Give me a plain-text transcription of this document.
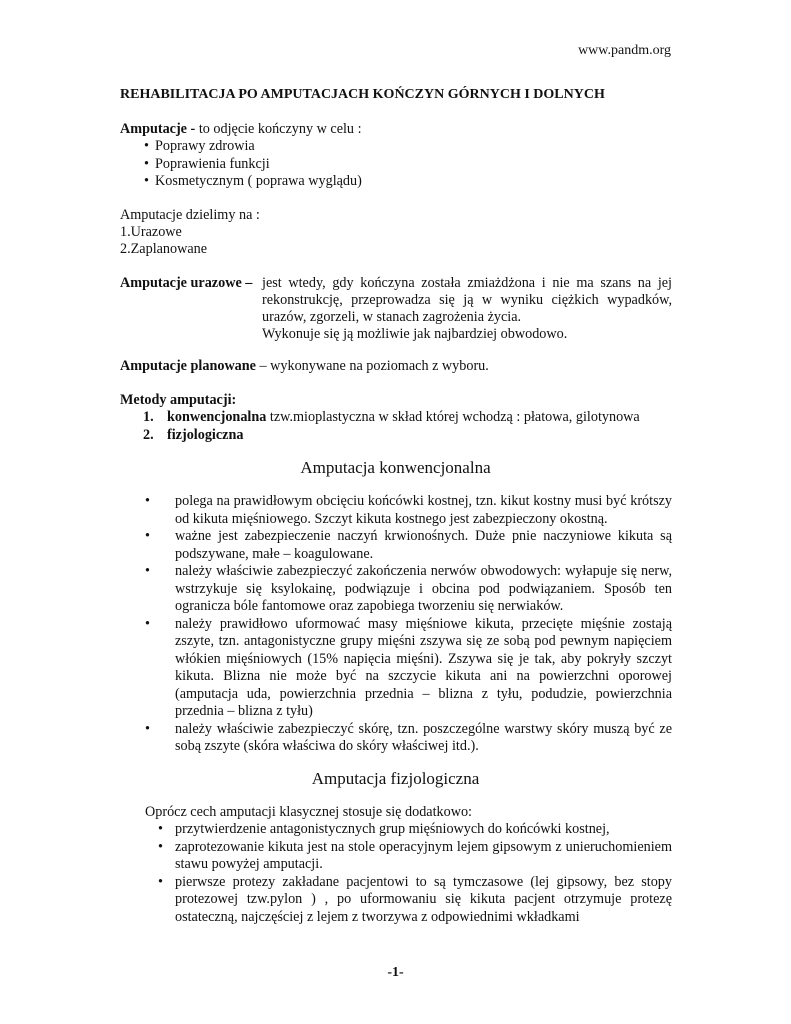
www.pandm.org
REHABILITACJA PO AMPUTACJACH KOŃCZYN GÓRNYCH I DOLNYCH
Amputacje - to odjęcie kończyny w celu :
• Poprawy zdrowia
• Poprawienia funkcji
• Kosmetycznym ( poprawa wyglądu)
Amputacje dzielimy na :
1.Urazowe
2.Zaplanowane
Amputacje urazowe – jest wtedy, gdy kończyna została zmiażdżona i nie ma szans na jej
rekonstrukcję, przeprowadza się ją w wyniku ciężkich wypadków,
urazów, zgorzeli, w stanach zagrożenia życia.
Wykonuje się ją możliwie jak najbardziej obwodowo.
Amputacje planowane – wykonywane na poziomach z wyboru.
Metody amputacji:
1. konwencjonalna tzw.mioplastyczna w skład której wchodzą : płatowa, gilotynowa
2. fizjologiczna
Amputacja konwencjonalna
• polega na prawidłowym obcięciu końcówki kostnej, tzn. kikut kostny musi być krótszy od kikuta mięśniowego. Szczyt kikuta kostnego jest zabezpieczony okostną.
• ważne jest zabezpieczenie naczyń krwionośnych. Duże pnie naczyniowe kikuta są podszywane, małe – koagulowane.
• należy właściwie zabezpieczyć zakończenia nerwów obwodowych: wyłapuje się nerw, wstrzykuje się ksylokainę, podwiązuje i obcina pod podwiązaniem. Sposób ten ogranicza bóle fantomowe oraz zapobiega tworzeniu się nerwiaków.
• należy prawidłowo uformować masy mięśniowe kikuta, przecięte mięśnie zostają zszyte, tzn. antagonistyczne grupy mięśni zszywa się ze sobą pod pewnym napięciem włókien mięśniowych (15% napięcia mięśni). Zszywa się je tak, aby pokryły szczyt kikuta. Blizna nie może być na szczycie kikuta ani na powierzchni oporowej (amputacja uda, powierzchnia przednia – blizna z tyłu, podudzie, powierzchnia przednia – blizna z tyłu)
• należy właściwie zabezpieczyć skórę, tzn. poszczególne warstwy skóry muszą być ze sobą zszyte (skóra właściwa do skóry właściwej itd.).
Amputacja fizjologiczna
Oprócz cech amputacji klasycznej stosuje się dodatkowo:
• przytwierdzenie antagonistycznych grup mięśniowych do końcówki kostnej,
• zaprotezowanie kikuta jest na stole operacyjnym lejem gipsowym z unieruchomieniem stawu powyżej amputacji.
• pierwsze protezy zakładane pacjentowi to są tymczasowe (lej gipsowy, bez stopy protezowej tzw.pylon ) , po uformowaniu się kikuta pacjent otrzymuje protezę ostateczną, najczęściej z lejem z tworzywa z odpowiednimi wkładkami
-1-
